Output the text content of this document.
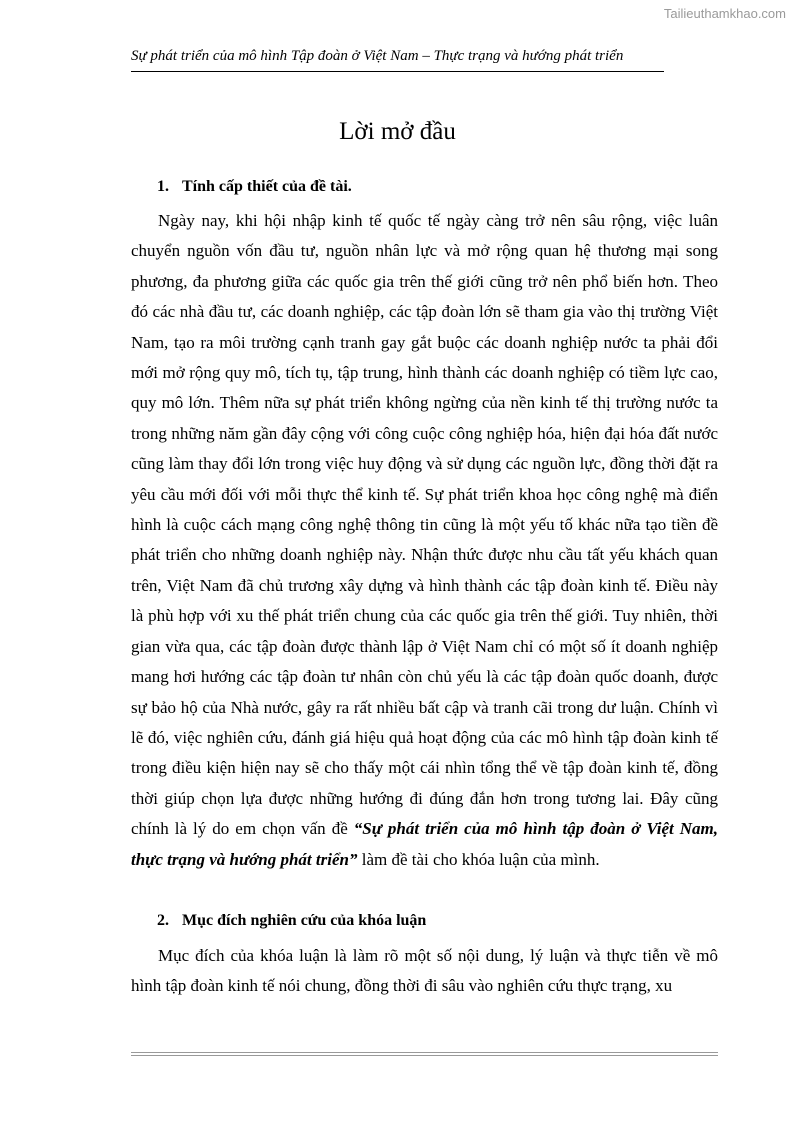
Tailieuthamkhao.com
Sự phát triển của mô hình Tập đoàn ở Việt Nam – Thực trạng và hướng phát triển
Lời mở đầu
1. Tính cấp thiết của đề tài.

Ngày nay, khi hội nhập kinh tế quốc tế ngày càng trở nên sâu rộng, việc luân chuyển nguồn vốn đầu tư, nguồn nhân lực và mở rộng quan hệ thương mại song phương, đa phương giữa các quốc gia trên thế giới cũng trở nên phổ biến hơn. Theo đó các nhà đầu tư, các doanh nghiệp, các tập đoàn lớn sẽ tham gia vào thị trường Việt Nam, tạo ra môi trường cạnh tranh gay gắt buộc các doanh nghiệp nước ta phải đổi mới mở rộng quy mô, tích tụ, tập trung, hình thành các doanh nghiệp có tiềm lực cao, quy mô lớn. Thêm nữa sự phát triển không ngừng của nền kinh tế thị trường nước ta trong những năm gần đây cộng với công cuộc công nghiệp hóa, hiện đại hóa đất nước cũng làm thay đổi lớn trong việc huy động và sử dụng các nguồn lực, đồng thời đặt ra yêu cầu mới đối với mỗi thực thể kinh tế. Sự phát triển khoa học công nghệ mà điển hình là cuộc cách mạng công nghệ thông tin cũng là một yếu tố khác nữa tạo tiền đề phát triển cho những doanh nghiệp này. Nhận thức được nhu cầu tất yếu khách quan trên, Việt Nam đã chủ trương xây dựng và hình thành các tập đoàn kinh tế. Điều này là phù hợp với xu thế phát triển chung của các quốc gia trên thế giới. Tuy nhiên, thời gian vừa qua, các tập đoàn được thành lập ở Việt Nam chỉ có một số ít doanh nghiệp mang hơi hướng các tập đoàn tư nhân còn chủ yếu là các tập đoàn quốc doanh, được sự bảo hộ của Nhà nước, gây ra rất nhiều bất cập và tranh cãi trong dư luận. Chính vì lẽ đó, việc nghiên cứu, đánh giá hiệu quả hoạt động của các mô hình tập đoàn kinh tế trong điều kiện hiện nay sẽ cho thấy một cái nhìn tổng thể về tập đoàn kinh tế, đồng thời giúp chọn lựa được những hướng đi đúng đắn hơn trong tương lai. Đây cũng chính là lý do em chọn vấn đề “Sự phát triển của mô hình tập đoàn ở Việt Nam, thực trạng và hướng phát triển” làm đề tài cho khóa luận của mình.

2. Mục đích nghiên cứu của khóa luận

Mục đích của khóa luận là làm rõ một số nội dung, lý luận và thực tiễn về mô hình tập đoàn kinh tế nói chung, đồng thời đi sâu vào nghiên cứu thực trạng, xu
